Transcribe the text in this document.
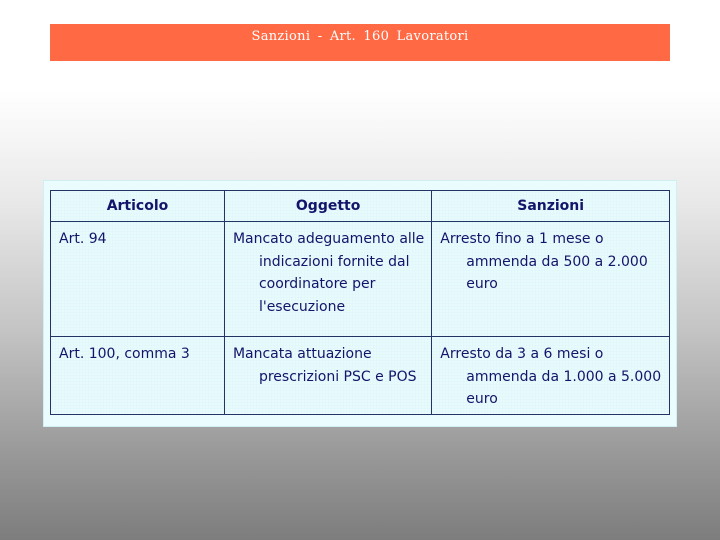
Sanzioni - Art. 160 Lavoratori
Articolo	Oggetto	Sanzioni

Art. 94	Mancato adeguamento alle indicazioni fornite dal coordinatore per l'esecuzione	Arresto fino a 1 mese o ammenda da 500 a 2.000 euro

Art. 100, comma 3	Mancata attuazione prescrizioni PSC e POS	Arresto da 3 a 6 mesi o ammenda da 1.000 a 5.000 euro
